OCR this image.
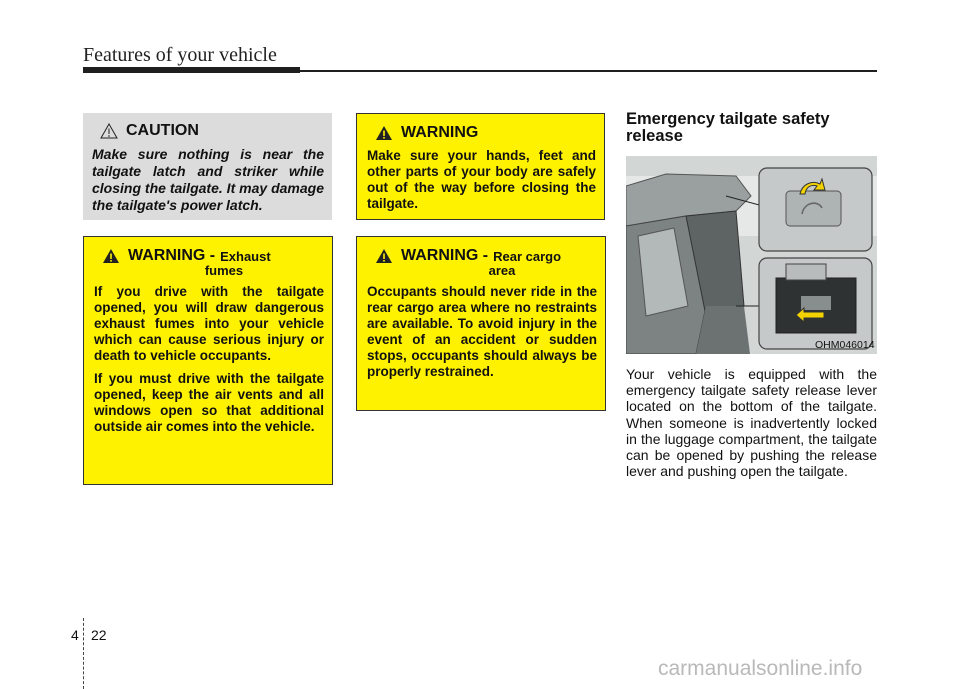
Features of your vehicle
CAUTION

Make sure nothing is near the tailgate latch and striker while closing the tailgate. It may damage the tailgate's power latch.

WARNING - Exhaust
fumes

If you drive with the tailgate opened, you will draw dangerous exhaust fumes into your vehicle which can cause serious injury or death to vehicle occupants.

If you must drive with the tailgate opened, keep the air vents and all windows open so that additional outside air comes into the vehicle.

WARNING

Make sure your hands, feet and other parts of your body are safely out of the way before closing the tailgate.

WARNING - Rear cargo
area

Occupants should never ride in the rear cargo area where no restraints are available. To avoid injury in the event of an accident or sudden stops, occupants should always be properly restrained.

Emergency tailgate safety release
OHM046014
Your vehicle is equipped with the emergency tailgate safety release lever located on the bottom of the tailgate. When someone is inadvertently locked in the luggage compartment, the tailgate can be opened by pushing the release lever and pushing open the tailgate.
4 22
carmanualsonline.info
